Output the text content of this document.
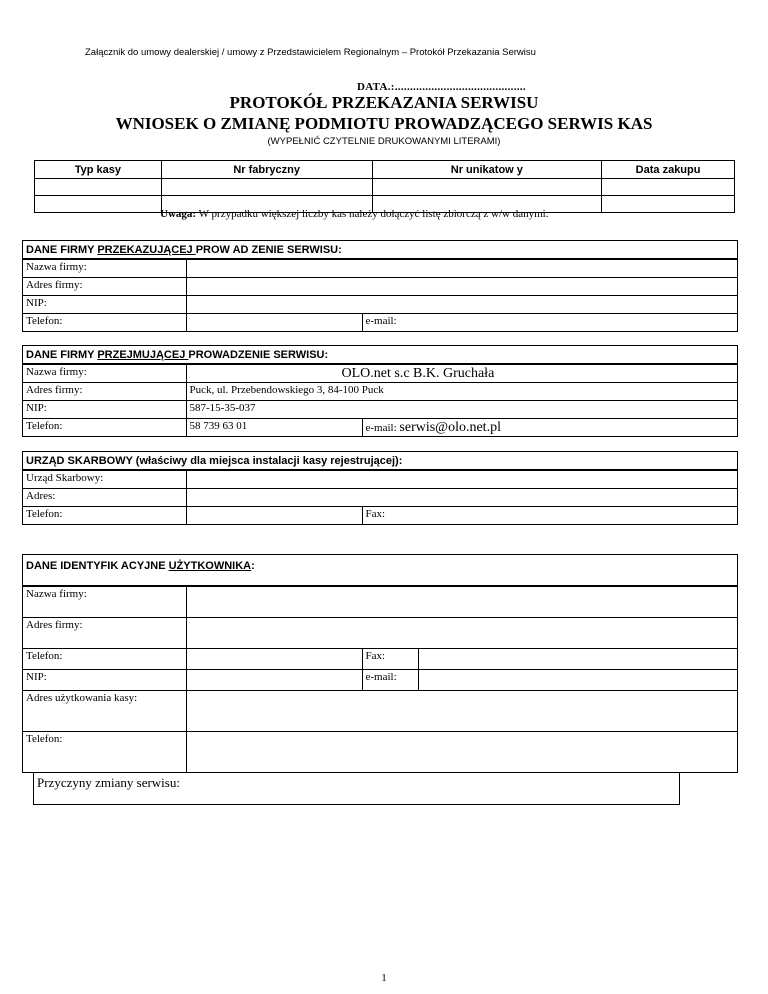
Załącznik do umowy dealerskiej / umowy z Przedstawicielem Regionalnym – Protokół Przekazania Serwisu
DATA.:...........................................
PROTOKÓŁ PRZEKAZANIA SERWISU
WNIOSEK O ZMIANĘ PODMIOTU PROWADZĄCEGO SERWIS KAS
(WYPEŁNIĆ CZYTELNIE DRUKOWANYMI LITERAMI)
Typ kasy	Nr fabryczny	Nr unikatow y	Data zakupu

Uwaga: W przypadku większej liczby kas należy dołączyć listę zbiorczą z w/w danymi.
DANE FIRMY PRZEKAZUJĄCEJ PROW AD ZENIE SERWISU:
Nazwa firmy:		
Adres firmy:		
NIP:		
Telefon:		e-mail:
DANE FIRMY PRZEJMUJĄCEJ PROWADZENIE SERWISU:
Nazwa firmy:	OLO.net s.c B.K. Gruchała	
Adres firmy:	Puck, ul. Przebendowskiego 3, 84-100 Puck	
NIP:	587-15-35-037	
Telefon:	58 739 63 01	e-mail: serwis@olo.net.pl
URZĄD SKARBOWY (właściwy dla miejsca instalacji kasy rejestrującej):
Urząd Skarbowy:		
Adres:		
Telefon:		Fax:
DANE IDENTYFIK ACYJNE UŻYTKOWNIKA:
Nazwa firmy:			
Adres firmy:			
Telefon:		Fax:	
NIP:		e-mail:	
Adres użytkowania kasy:			
Telefon:			
Przyczyny zmiany serwisu:
1
